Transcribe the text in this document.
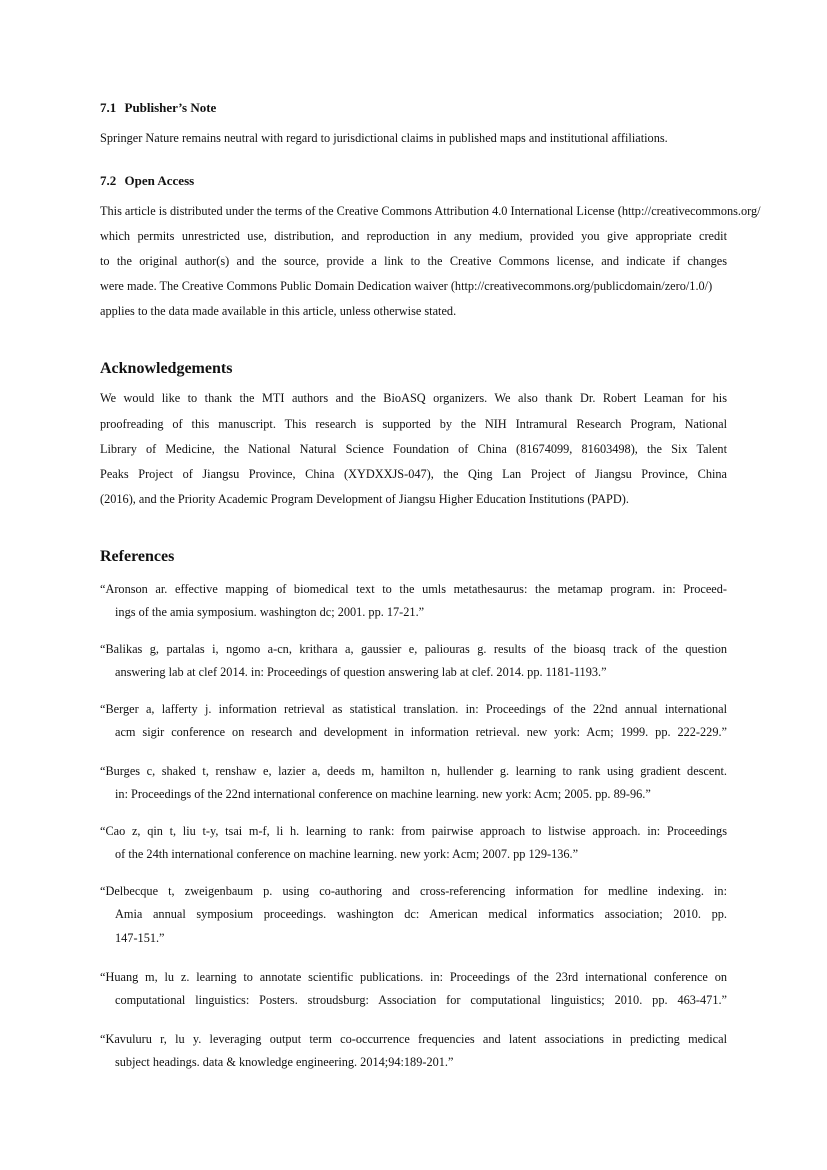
7.1 Publisher’s Note

Springer Nature remains neutral with regard to jurisdictional claims in published maps and institutional affiliations.

7.2 Open Access

This article is distributed under the terms of the Creative Commons Attribution 4.0 International License (http://creativecommons.org/

which permits unrestricted use, distribution, and reproduction in any medium, provided you give appropriate credit

to the original author(s) and the source, provide a link to the Creative Commons license, and indicate if changes

were made. The Creative Commons Public Domain Dedication waiver (http://creativecommons.org/publicdomain/zero/1.0/)

applies to the data made available in this article, unless otherwise stated.

Acknowledgements

We would like to thank the MTI authors and the BioASQ organizers. We also thank Dr. Robert Leaman for his

proofreading of this manuscript. This research is supported by the NIH Intramural Research Program, National

Library of Medicine, the National Natural Science Foundation of China (81674099, 81603498), the Six Talent

Peaks Project of Jiangsu Province, China (XYDXXJS-047), the Qing Lan Project of Jiangsu Province, China

(2016), and the Priority Academic Program Development of Jiangsu Higher Education Institutions (PAPD).

References

“Aronson ar. effective mapping of biomedical text to the umls metathesaurus: the metamap program. in: Proceed-

ings of the amia symposium. washington dc; 2001. pp. 17-21.”

“Balikas g, partalas i, ngomo a-cn, krithara a, gaussier e, paliouras g. results of the bioasq track of the question

answering lab at clef 2014. in: Proceedings of question answering lab at clef. 2014. pp. 1181-1193.”

“Berger a, lafferty j. information retrieval as statistical translation. in: Proceedings of the 22nd annual international

acm sigir conference on research and development in information retrieval. new york: Acm; 1999. pp. 222-229.”

“Burges c, shaked t, renshaw e, lazier a, deeds m, hamilton n, hullender g. learning to rank using gradient descent.

in: Proceedings of the 22nd international conference on machine learning. new york: Acm; 2005. pp. 89-96.”

“Cao z, qin t, liu t-y, tsai m-f, li h. learning to rank: from pairwise approach to listwise approach. in: Proceedings

of the 24th international conference on machine learning. new york: Acm; 2007. pp 129-136.”

“Delbecque t, zweigenbaum p. using co-authoring and cross-referencing information for medline indexing. in:

Amia annual symposium proceedings. washington dc: American medical informatics association; 2010. pp.

147-151.”

“Huang m, lu z. learning to annotate scientific publications. in: Proceedings of the 23rd international conference on

computational linguistics: Posters. stroudsburg: Association for computational linguistics; 2010. pp. 463-471.”

“Kavuluru r, lu y. leveraging output term co-occurrence frequencies and latent associations in predicting medical

subject headings. data & knowledge engineering. 2014;94:189-201.”
